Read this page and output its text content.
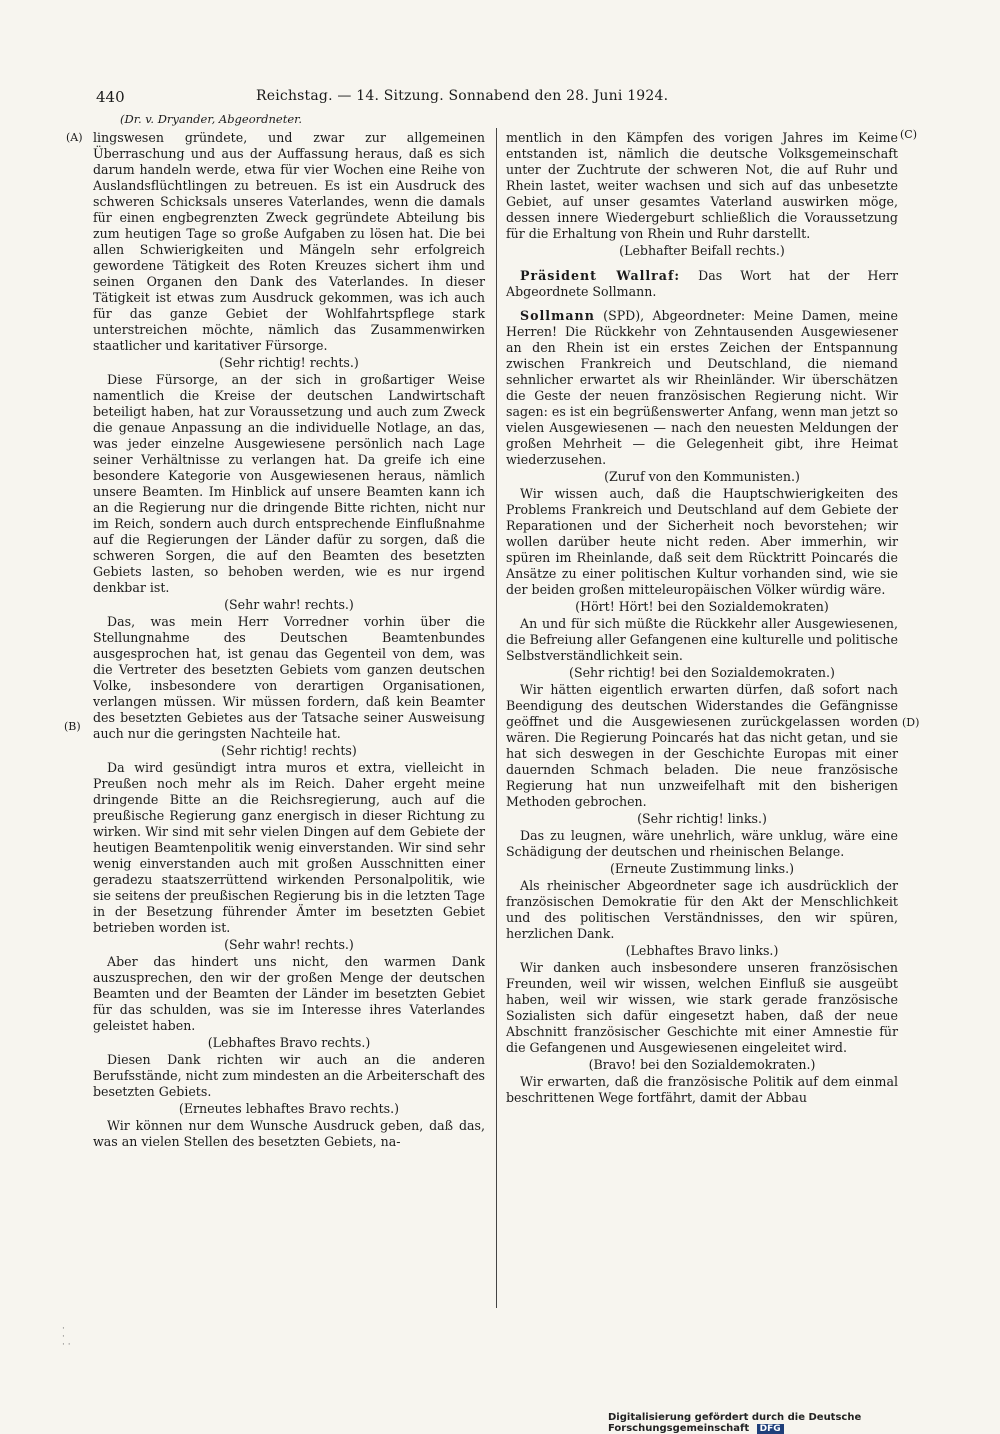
440	Reichstag. — 14. Sitzung. Sonnabend den 28. Juni 1924.
(Dr. v. Dryander, Abgeordneter.
(A)
(B)
(C)
(D)

lingswesen gründete, und zwar zur allgemeinen Überraschung und aus der Auffassung heraus, daß es sich darum handeln werde, etwa für vier Wochen eine Reihe von Auslandsflüchtlingen zu betreuen. Es ist ein Ausdruck des schweren Schicksals unseres Vaterlandes, wenn die damals für einen engbegrenzten Zweck gegründete Abteilung bis zum heutigen Tage so große Aufgaben zu lösen hat. Die bei allen Schwierigkeiten und Mängeln sehr erfolgreich gewordene Tätigkeit des Roten Kreuzes sichert ihm und seinen Organen den Dank des Vaterlandes. In dieser Tätigkeit ist etwas zum Ausdruck gekommen, was ich auch für das ganze Gebiet der Wohlfahrtspflege stark unterstreichen möchte, nämlich das Zusammenwirken staatlicher und karitativer Fürsorge.

(Sehr richtig! rechts.)

Diese Fürsorge, an der sich in großartiger Weise namentlich die Kreise der deutschen Landwirtschaft beteiligt haben, hat zur Voraussetzung und auch zum Zweck die genaue Anpassung an die individuelle Notlage, an das, was jeder einzelne Ausgewiesene persönlich nach Lage seiner Verhältnisse zu verlangen hat. Da greife ich eine besondere Kategorie von Ausgewiesenen heraus, nämlich unsere Beamten. Im Hinblick auf unsere Beamten kann ich an die Regierung nur die dringende Bitte richten, nicht nur im Reich, sondern auch durch entsprechende Einflußnahme auf die Regierungen der Länder dafür zu sorgen, daß die schweren Sorgen, die auf den Beamten des besetzten Gebiets lasten, so behoben werden, wie es nur irgend denkbar ist.

(Sehr wahr! rechts.)

Das, was mein Herr Vorredner vorhin über die Stellungnahme des Deutschen Beamtenbundes ausgesprochen hat, ist genau das Gegenteil von dem, was die Vertreter des besetzten Gebiets vom ganzen deutschen Volke, insbesondere von derartigen Organisationen, verlangen müssen. Wir müssen fordern, daß kein Beamter des besetzten Gebietes aus der Tatsache seiner Ausweisung auch nur die geringsten Nachteile hat.

(Sehr richtig! rechts)

Da wird gesündigt intra muros et extra, vielleicht in Preußen noch mehr als im Reich. Daher ergeht meine dringende Bitte an die Reichsregierung, auch auf die preußische Regierung ganz energisch in dieser Richtung zu wirken. Wir sind mit sehr vielen Dingen auf dem Gebiete der heutigen Beamtenpolitik wenig einverstanden. Wir sind sehr wenig einverstanden auch mit großen Ausschnitten einer geradezu staatszerrüttend wirkenden Personalpolitik, wie sie seitens der preußischen Regierung bis in die letzten Tage in der Besetzung führender Ämter im besetzten Gebiet betrieben worden ist.

(Sehr wahr! rechts.)

Aber das hindert uns nicht, den warmen Dank auszusprechen, den wir der großen Menge der deutschen Beamten und der Beamten der Länder im besetzten Gebiet für das schulden, was sie im Interesse ihres Vaterlandes geleistet haben.

(Lebhaftes Bravo rechts.)

Diesen Dank richten wir auch an die anderen Berufsstände, nicht zum mindesten an die Arbeiterschaft des besetzten Gebiets.

(Erneutes lebhaftes Bravo rechts.)

Wir können nur dem Wunsche Ausdruck geben, daß das, was an vielen Stellen des besetzten Gebiets, na-

mentlich in den Kämpfen des vorigen Jahres im Keime entstanden ist, nämlich die deutsche Volksgemeinschaft unter der Zuchtrute der schweren Not, die auf Ruhr und Rhein lastet, weiter wachsen und sich auf das unbesetzte Gebiet, auf unser gesamtes Vaterland auswirken möge, dessen innere Wiedergeburt schließlich die Voraussetzung für die Erhaltung von Rhein und Ruhr darstellt.

(Lebhafter Beifall rechts.)

Präsident Wallraf: Das Wort hat der Herr Abgeordnete Sollmann.

Sollmann (SPD), Abgeordneter: Meine Damen, meine Herren! Die Rückkehr von Zehntausenden Ausgewiesener an den Rhein ist ein erstes Zeichen der Entspannung zwischen Frankreich und Deutschland, die niemand sehnlicher erwartet als wir Rheinländer. Wir überschätzen die Geste der neuen französischen Regierung nicht. Wir sagen: es ist ein begrüßenswerter Anfang, wenn man jetzt so vielen Ausgewiesenen — nach den neuesten Meldungen der großen Mehrheit — die Gelegenheit gibt, ihre Heimat wiederzusehen.

(Zuruf von den Kommunisten.)

Wir wissen auch, daß die Hauptschwierigkeiten des Problems Frankreich und Deutschland auf dem Gebiete der Reparationen und der Sicherheit noch bevorstehen; wir wollen darüber heute nicht reden. Aber immerhin, wir spüren im Rheinlande, daß seit dem Rücktritt Poincarés die Ansätze zu einer politischen Kultur vorhanden sind, wie sie der beiden großen mitteleuropäischen Völker würdig wäre.

(Hört! Hört! bei den Sozialdemokraten)

An und für sich müßte die Rückkehr aller Ausgewiesenen, die Befreiung aller Gefangenen eine kulturelle und politische Selbstverständlichkeit sein.

(Sehr richtig! bei den Sozialdemokraten.)

Wir hätten eigentlich erwarten dürfen, daß sofort nach Beendigung des deutschen Widerstandes die Gefängnisse geöffnet und die Ausgewiesenen zurückgelassen worden wären. Die Regierung Poincarés hat das nicht getan, und sie hat sich deswegen in der Geschichte Europas mit einer dauernden Schmach beladen. Die neue französische Regierung hat nun unzweifelhaft mit den bisherigen Methoden gebrochen.

(Sehr richtig! links.)

Das zu leugnen, wäre unehrlich, wäre unklug, wäre eine Schädigung der deutschen und rheinischen Belange.

(Erneute Zustimmung links.)

Als rheinischer Abgeordneter sage ich ausdrücklich der französischen Demokratie für den Akt der Menschlichkeit und des politischen Verständnisses, den wir spüren, herzlichen Dank.

(Lebhaftes Bravo links.)

Wir danken auch insbesondere unseren französischen Freunden, weil wir wissen, welchen Einfluß sie ausgeübt haben, weil wir wissen, wie stark gerade französische Sozialisten sich dafür eingesetzt haben, daß der neue Abschnitt französischer Geschichte mit einer Amnestie für die Gefangenen und Ausgewiesenen eingeleitet wird.

(Bravo! bei den Sozialdemokraten.)

Wir erwarten, daß die französische Politik auf dem einmal beschrittenen Wege fortfährt, damit der Abbau

·
·
· ·
Digitalisierung gefördert durch die Deutsche Forschungsgemeinschaft DFG
